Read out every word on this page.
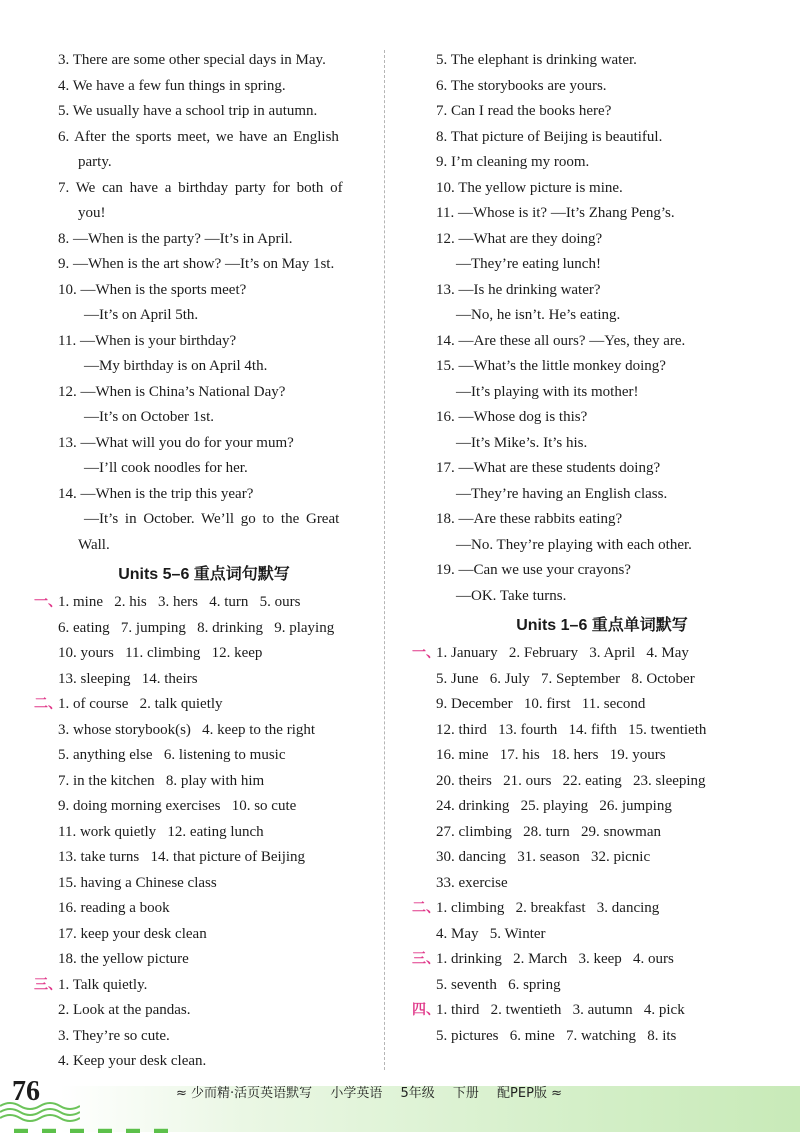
3. There are some other special days in May.
4. We have a few fun things in spring.
5. We usually have a school trip in autumn.
6. After the sports meet, we have an English
party.
7. We can have a birthday party for both of
you!
8. —When is the party? —It’s in April.
9. —When is the art show? —It’s on May 1st.
10. —When is the sports meet?
—It’s on April 5th.
11. —When is your birthday?
—My birthday is on April 4th.
12. —When is China’s National Day?
—It’s on October 1st.
13. —What will you do for your mum?
—I’ll cook noodles for her.
14. —When is the trip this year?
—It’s in October. We’ll go to the Great
Wall.
Units 5–6 重点词句默写
一、
1. mine   2. his   3. hers   4. turn   5. ours
6. eating   7. jumping   8. drinking   9. playing
10. yours   11. climbing   12. keep
13. sleeping   14. theirs
二、
1. of course   2. talk quietly
3. whose storybook(s)   4. keep to the right
5. anything else   6. listening to music
7. in the kitchen   8. play with him
9. doing morning exercises   10. so cute
11. work quietly   12. eating lunch
13. take turns   14. that picture of Beijing
15. having a Chinese class
16. reading a book
17. keep your desk clean
18. the yellow picture
三、
1. Talk quietly.
2. Look at the pandas.
3. They’re so cute.
4. Keep your desk clean.
5. The elephant is drinking water.
6. The storybooks are yours.
7. Can I read the books here?
8. That picture of Beijing is beautiful.
9. I’m cleaning my room.
10. The yellow picture is mine.
11. —Whose is it? —It’s Zhang Peng’s.
12. —What are they doing?
—They’re eating lunch!
13. —Is he drinking water?
—No, he isn’t. He’s eating.
14. —Are these all ours? —Yes, they are.
15. —What’s the little monkey doing?
—It’s playing with its mother!
16. —Whose dog is this?
—It’s Mike’s. It’s his.
17. —What are these students doing?
—They’re having an English class.
18. —Are these rabbits eating?
—No. They’re playing with each other.
19. —Can we use your crayons?
—OK. Take turns.
Units 1–6 重点单词默写
一、
1. January   2. February   3. April   4. May
5. June   6. July   7. September   8. October
9. December   10. first   11. second
12. third   13. fourth   14. fifth   15. twentieth
16. mine   17. his   18. hers   19. yours
20. theirs   21. ours   22. eating   23. sleeping
24. drinking   25. playing   26. jumping
27. climbing   28. turn   29. snowman
30. dancing   31. season   32. picnic
33. exercise
二、
1. climbing   2. breakfast   3. dancing
4. May   5. Winter
三、
1. drinking   2. March   3. keep   4. ours
5. seventh   6. spring
四、
1. third   2. twentieth   3. autumn   4. pick
5. pictures   6. mine   7. watching   8. its
76	≈ 少而精·活页英语默写 小学英语 5年级 下册 配PEP版 ≈
▬▬▬▬▬▬
